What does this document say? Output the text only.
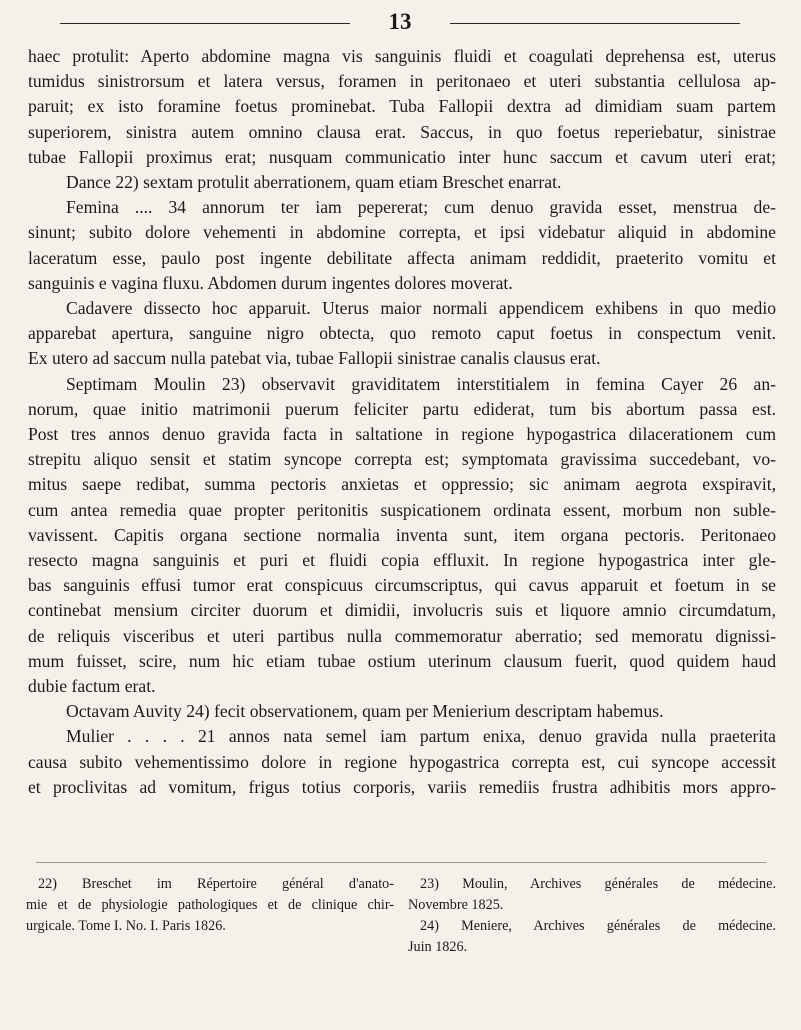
13

haec protulit: Aperto abdomine magna vis sanguinis fluidi et coagulati deprehensa est, uterus

tumidus sinistrorsum et latera versus, foramen in peritonaeo et uteri substantia cellulosa ap-

paruit; ex isto foramine foetus prominebat. Tuba Fallopii dextra ad dimidiam suam partem

superiorem, sinistra autem omnino clausa erat. Saccus, in quo foetus reperiebatur, sinistrae

tubae Fallopii proximus erat; nusquam communicatio inter hunc saccum et cavum uteri erat;

Dance 22) sextam protulit aberrationem, quam etiam Breschet enarrat.

Femina .... 34 annorum ter iam pepererat; cum denuo gravida esset, menstrua de-

sinunt; subito dolore vehementi in abdomine correpta, et ipsi videbatur aliquid in abdomine

laceratum esse, paulo post ingente debilitate affecta animam reddidit, praeterito vomitu et

sanguinis e vagina fluxu. Abdomen durum ingentes dolores moverat.

Cadavere dissecto hoc apparuit. Uterus maior normali appendicem exhibens in quo medio

apparebat apertura, sanguine nigro obtecta, quo remoto caput foetus in conspectum venit.

Ex utero ad saccum nulla patebat via, tubae Fallopii sinistrae canalis clausus erat.

Septimam Moulin 23) observavit graviditatem interstitialem in femina Cayer 26 an-

norum, quae initio matrimonii puerum feliciter partu ediderat, tum bis abortum passa est.

Post tres annos denuo gravida facta in saltatione in regione hypogastrica dilacerationem cum

strepitu aliquo sensit et statim syncope correpta est; symptomata gravissima succedebant, vo-

mitus saepe redibat, summa pectoris anxietas et oppressio; sic animam aegrota exspiravit,

cum antea remedia quae propter peritonitis suspicationem ordinata essent, morbum non suble-

vavissent. Capitis organa sectione normalia inventa sunt, item organa pectoris. Peritonaeo

resecto magna sanguinis et puri et fluidi copia effluxit. In regione hypogastrica inter gle-

bas sanguinis effusi tumor erat conspicuus circumscriptus, qui cavus apparuit et foetum in se

continebat mensium circiter duorum et dimidii, involucris suis et liquore amnio circumdatum,

de reliquis visceribus et uteri partibus nulla commemoratur aberratio; sed memoratu dignissi-

mum fuisset, scire, num hic etiam tubae ostium uterinum clausum fuerit, quod quidem haud

dubie factum erat.

Octavam Auvity 24) fecit observationem, quam per Menierium descriptam habemus.

Mulier . . . . 21 annos nata semel iam partum enixa, denuo gravida nulla praeterita

causa subito vehementissimo dolore in regione hypogastrica correpta est, cui syncope accessit

et proclivitas ad vomitum, frigus totius corporis, variis remediis frustra adhibitis mors appro-

22) Breschet im Répertoire général d'anato-

mie et de physiologie pathologiques et de clinique chir-

urgicale. Tome I. No. I. Paris 1826.

23) Moulin, Archives générales de médecine.

Novembre 1825.

24) Meniere, Archives générales de médecine.

Juin 1826.
